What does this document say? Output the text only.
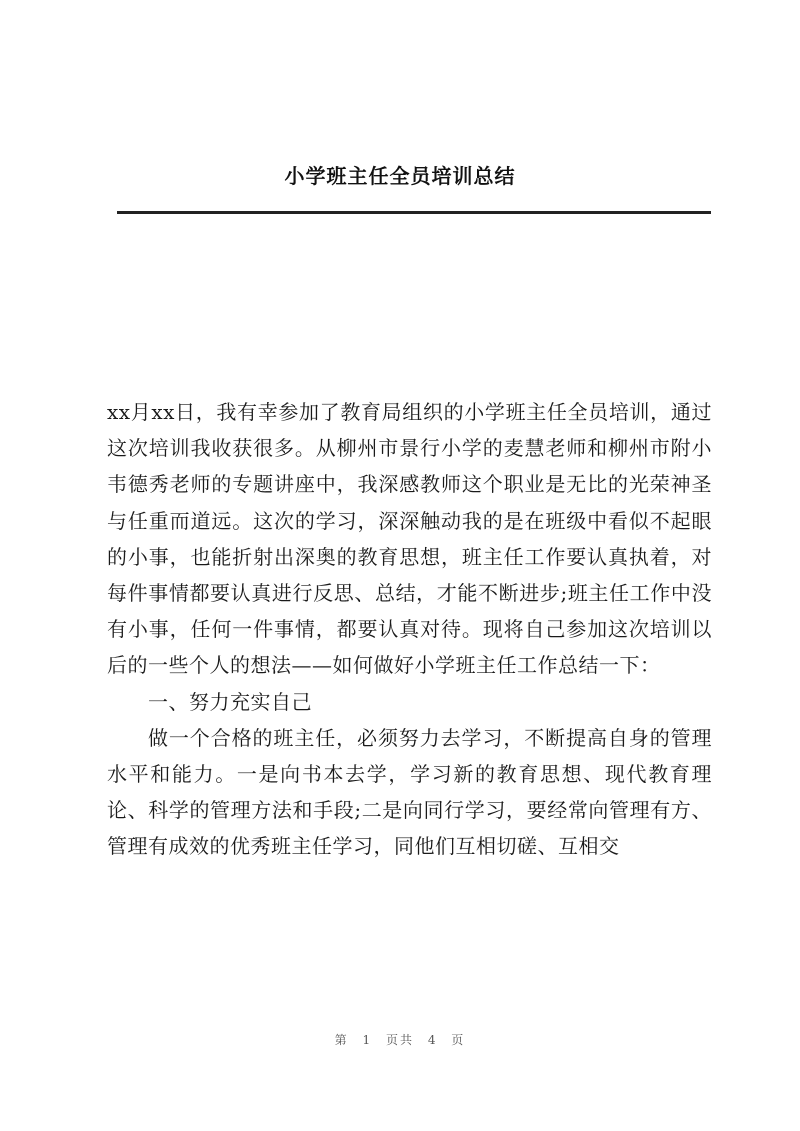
小学班主任全员培训总结

xx月xx日，我有幸参加了教育局组织的小学班主任全员培训，通过这次培训我收获很多。从柳州市景行小学的麦慧老师和柳州市附小韦德秀老师的专题讲座中，我深感教师这个职业是无比的光荣神圣与任重而道远。这次的学习，深深触动我的是在班级中看似不起眼的小事，也能折射出深奥的教育思想，班主任工作要认真执着，对每件事情都要认真进行反思、总结，才能不断进步;班主任工作中没有小事，任何一件事情，都要认真对待。现将自己参加这次培训以后的一些个人的想法——如何做好小学班主任工作总结一下：

一、努力充实自己

做一个合格的班主任，必须努力去学习，不断提高自身的管理水平和能力。一是向书本去学，学习新的教育思想、现代教育理论、科学的管理方法和手段;二是向同行学习，要经常向管理有方、管理有成效的优秀班主任学习，同他们互相切磋、互相交

第 1 页共 4 页
